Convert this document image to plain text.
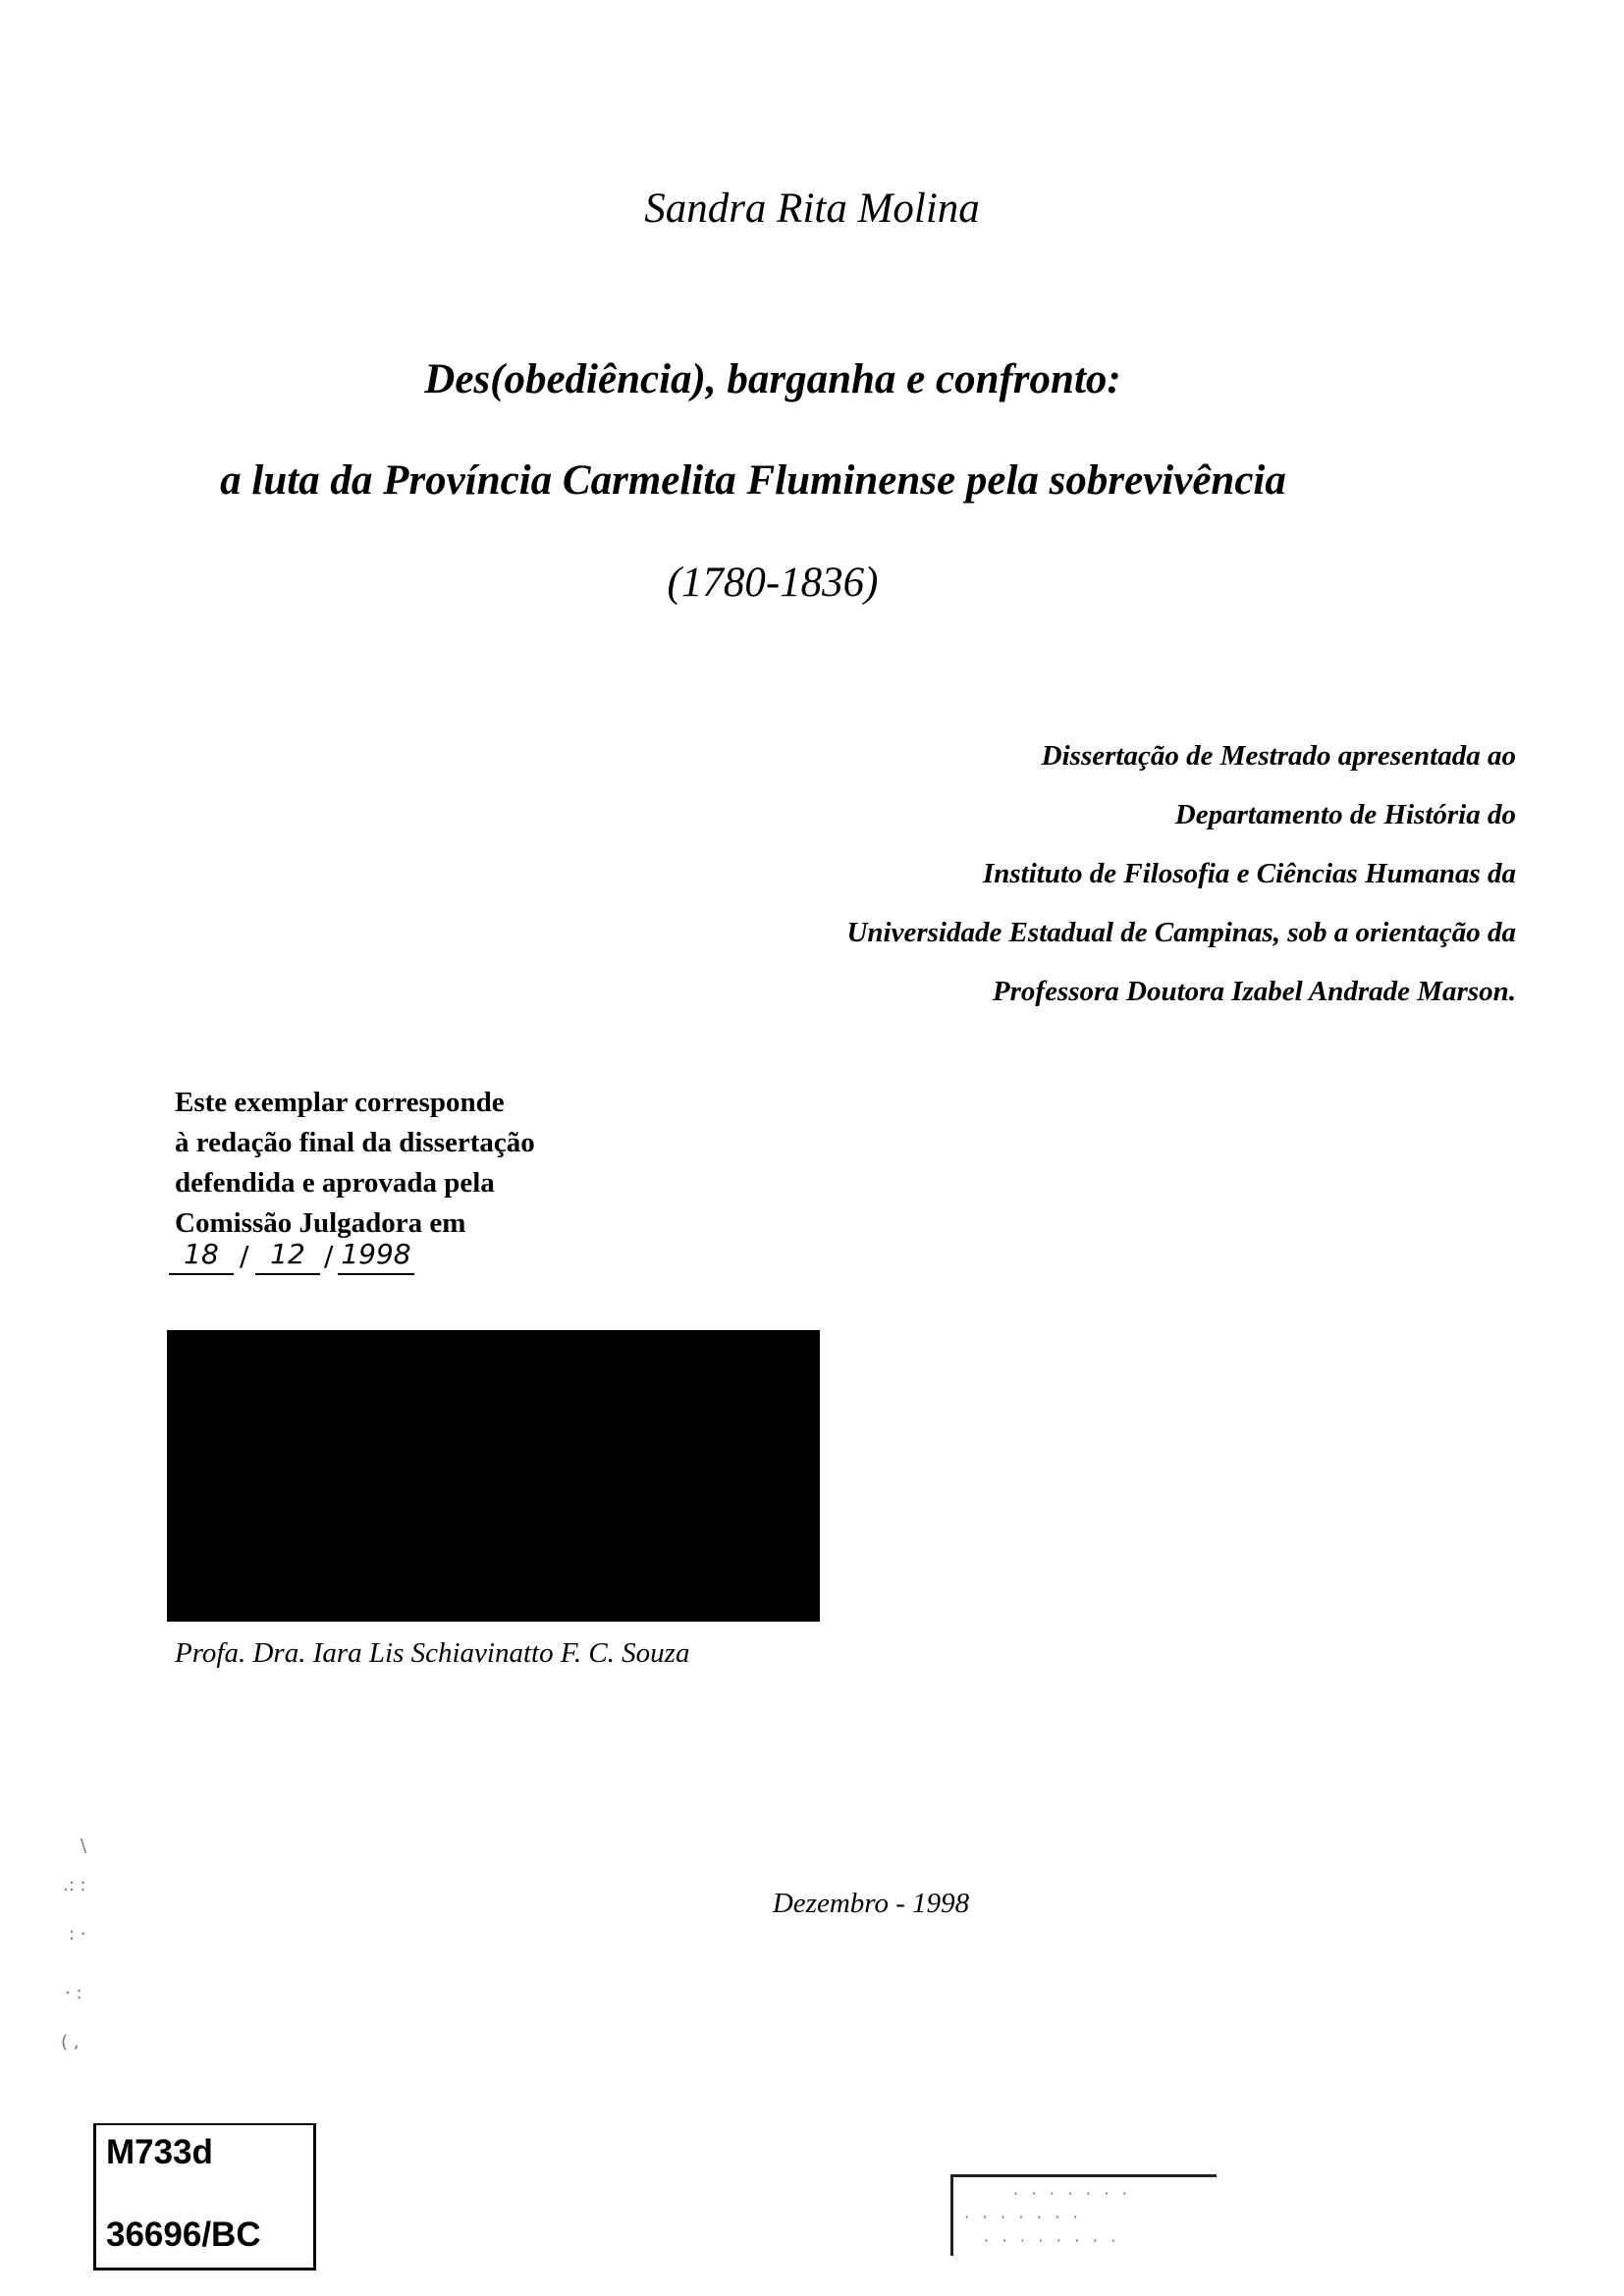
Sandra Rita Molina
Des(obediência), barganha e confronto:
a luta da Província Carmelita Fluminense pela sobrevivência
(1780-1836)
Dissertação de Mestrado apresentada ao
Departamento de História do
Instituto de Filosofia e Ciências Humanas da
Universidade Estadual de Campinas, sob a orientação da
Professora Doutora Izabel Andrade Marson.
Este exemplar corresponde
à redação final da dissertação
defendida e aprovada pela
Comissão Julgadora em
18 / 12 / 1998
Profa. Dra. Iara Lis Schiavinatto F. C. Souza
Dezembro - 1998
\
.: :
: ·
· :
( ,
M733d
36696/BC
· · · · · · ·
· · · · · · ·
· · · · · · · ·
